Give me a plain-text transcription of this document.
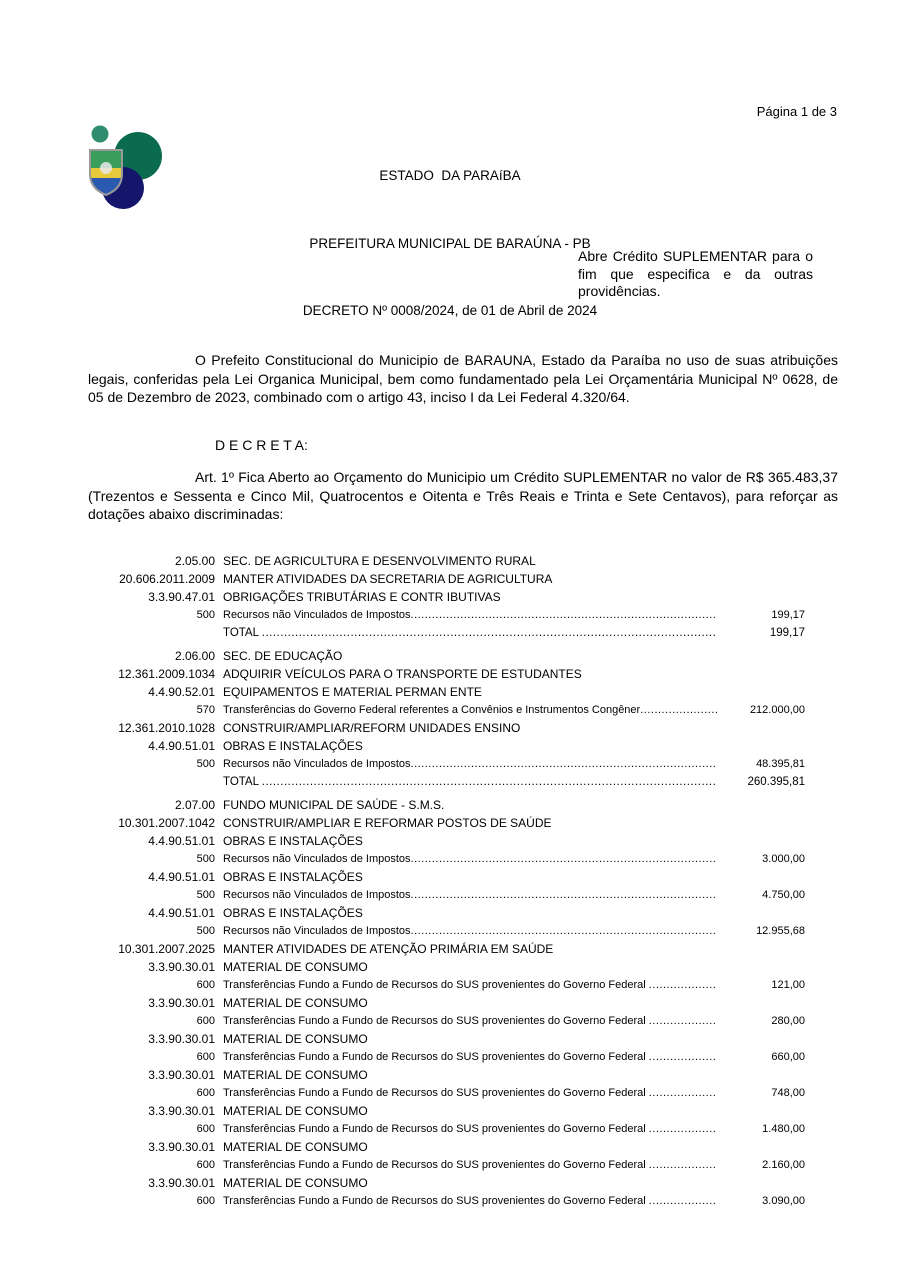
Página 1 de 3

ESTADO  DA PARAíBA

PREFEITURA MUNICIPAL DE BARAÚNA - PB

DECRETO Nº 0008/2024, de 01 de Abril de 2024

Abre Crédito SUPLEMENTAR para o fim que especifica e da outras providências.

O Prefeito Constitucional do Municipio de BARAUNA, Estado da Paraíba no uso de suas atribuições legais, conferidas pela Lei Organica Municipal, bem como fundamentado pela Lei Orçamentária Municipal Nº 0628, de 05 de Dezembro de 2023, combinado com o artigo 43, inciso I da Lei Federal 4.320/64.

D E C R E T A:

Art. 1º Fica Aberto ao Orçamento do Municipio um Crédito SUPLEMENTAR no valor de R$ 365.483,37 (Trezentos e Sessenta e Cinco Mil, Quatrocentos e Oitenta e Três Reais e Trinta e Sete Centavos), para reforçar as dotações abaixo discriminadas:

2.05.00 SEC. DE AGRICULTURA E DESENVOLVIMENTO RURAL
20.606.2011.2009 MANTER ATIVIDADES DA SECRETARIA DE AGRICULTURA
3.3.90.47.01 OBRIGAÇÕES TRIBUTÁRIAS E CONTR IBUTIVAS
500 Recursos não Vinculados de Impostos .....	199,17
TOTAL .....	199,17
2.06.00 SEC. DE EDUCAÇÃO
12.361.2009.1034 ADQUIRIR VEÍCULOS PARA O TRANSPORTE DE ESTUDANTES
4.4.90.52.01 EQUIPAMENTOS E MATERIAL PERMAN ENTE
570 Transferências do Governo Federal referentes a Convênios e Instrumentos Congêner .....	212.000,00
12.361.2010.1028 CONSTRUIR/AMPLIAR/REFORM UNIDADES ENSINO
4.4.90.51.01 OBRAS E INSTALAÇÕES
500 Recursos não Vinculados de Impostos .....	48.395,81
TOTAL .....	260.395,81
2.07.00 FUNDO MUNICIPAL DE SAÚDE - S.M.S.
10.301.2007.1042 CONSTRUIR/AMPLIAR E REFORMAR POSTOS DE SAÚDE
4.4.90.51.01 OBRAS E INSTALAÇÕES
500 Recursos não Vinculados de Impostos .....	3.000,00
4.4.90.51.01 OBRAS E INSTALAÇÕES
500 Recursos não Vinculados de Impostos .....	4.750,00
4.4.90.51.01 OBRAS E INSTALAÇÕES
500 Recursos não Vinculados de Impostos .....	12.955,68
10.301.2007.2025 MANTER ATIVIDADES DE ATENÇÃO PRIMÁRIA EM SAÚDE
3.3.90.30.01 MATERIAL DE CONSUMO
600 Transferências Fundo a Fundo de Recursos do SUS provenientes do Governo Federal .....	121,00
3.3.90.30.01 MATERIAL DE CONSUMO
600 Transferências Fundo a Fundo de Recursos do SUS provenientes do Governo Federal .....	280,00
3.3.90.30.01 MATERIAL DE CONSUMO
600 Transferências Fundo a Fundo de Recursos do SUS provenientes do Governo Federal .....	660,00
3.3.90.30.01 MATERIAL DE CONSUMO
600 Transferências Fundo a Fundo de Recursos do SUS provenientes do Governo Federal .....	748,00
3.3.90.30.01 MATERIAL DE CONSUMO
600 Transferências Fundo a Fundo de Recursos do SUS provenientes do Governo Federal .....	1.480,00
3.3.90.30.01 MATERIAL DE CONSUMO
600 Transferências Fundo a Fundo de Recursos do SUS provenientes do Governo Federal .....	2.160,00
3.3.90.30.01 MATERIAL DE CONSUMO
600 Transferências Fundo a Fundo de Recursos do SUS provenientes do Governo Federal .....	3.090,00
